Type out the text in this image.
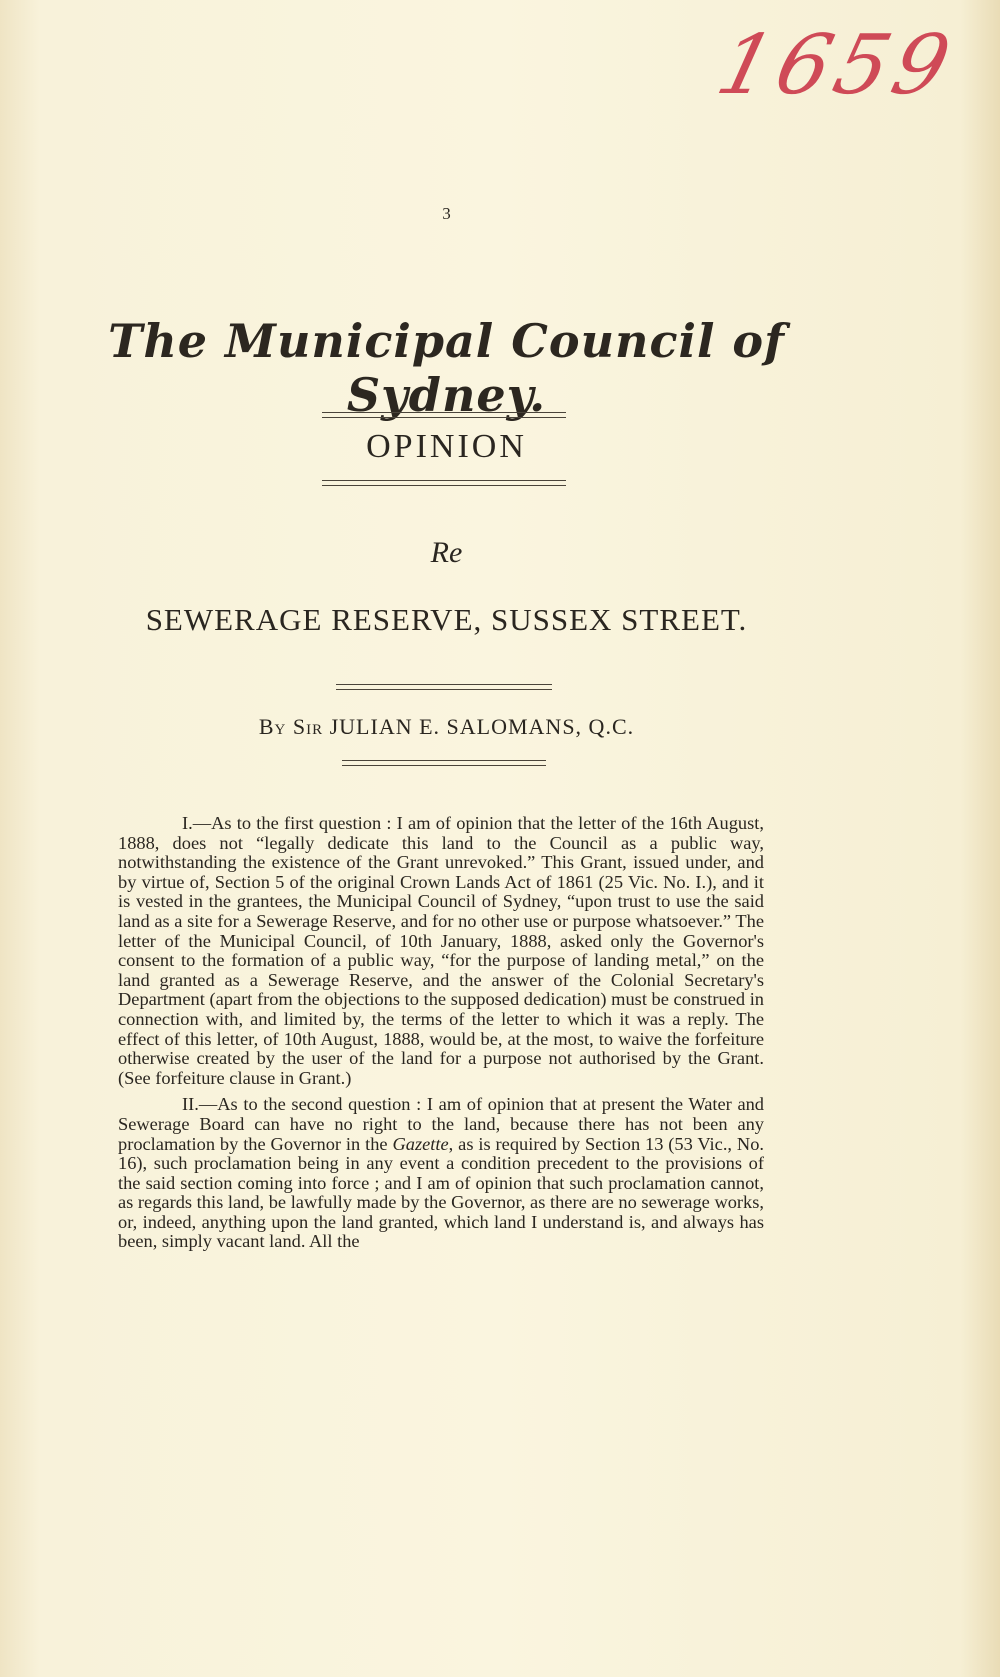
1659
3
The Municipal Council of Sydney.
OPINION
Re
SEWERAGE RESERVE, SUSSEX STREET.
By Sir JULIAN E. SALOMANS, Q.C.

I.—As to the first question : I am of opinion that the letter of the 16th August, 1888, does not “legally dedicate this land to the Council as a public way, notwithstanding the existence of the Grant unrevoked.” This Grant, issued under, and by virtue of, Section 5 of the original Crown Lands Act of 1861 (25 Vic. No. I.), and it is vested in the grantees, the Municipal Council of Sydney, “upon trust to use the said land as a site for a Sewerage Reserve, and for no other use or purpose whatsoever.” The letter of the Municipal Council, of 10th January, 1888, asked only the Governor's consent to the formation of a public way, “for the purpose of landing metal,” on the land granted as a Sewerage Reserve, and the answer of the Colonial Secretary's Department (apart from the objections to the supposed dedication) must be construed in connection with, and limited by, the terms of the letter to which it was a reply. The effect of this letter, of 10th August, 1888, would be, at the most, to waive the forfeiture otherwise created by the user of the land for a purpose not authorised by the Grant. (See forfeiture clause in Grant.)

II.—As to the second question : I am of opinion that at present the Water and Sewerage Board can have no right to the land, because there has not been any proclamation by the Governor in the Gazette, as is required by Section 13 (53 Vic., No. 16), such proclamation being in any event a condition precedent to the provisions of the said section coming into force ; and I am of opinion that such proclamation cannot, as regards this land, be lawfully made by the Governor, as there are no sewerage works, or, indeed, anything upon the land granted, which land I understand is, and always has been, simply vacant land. All the
